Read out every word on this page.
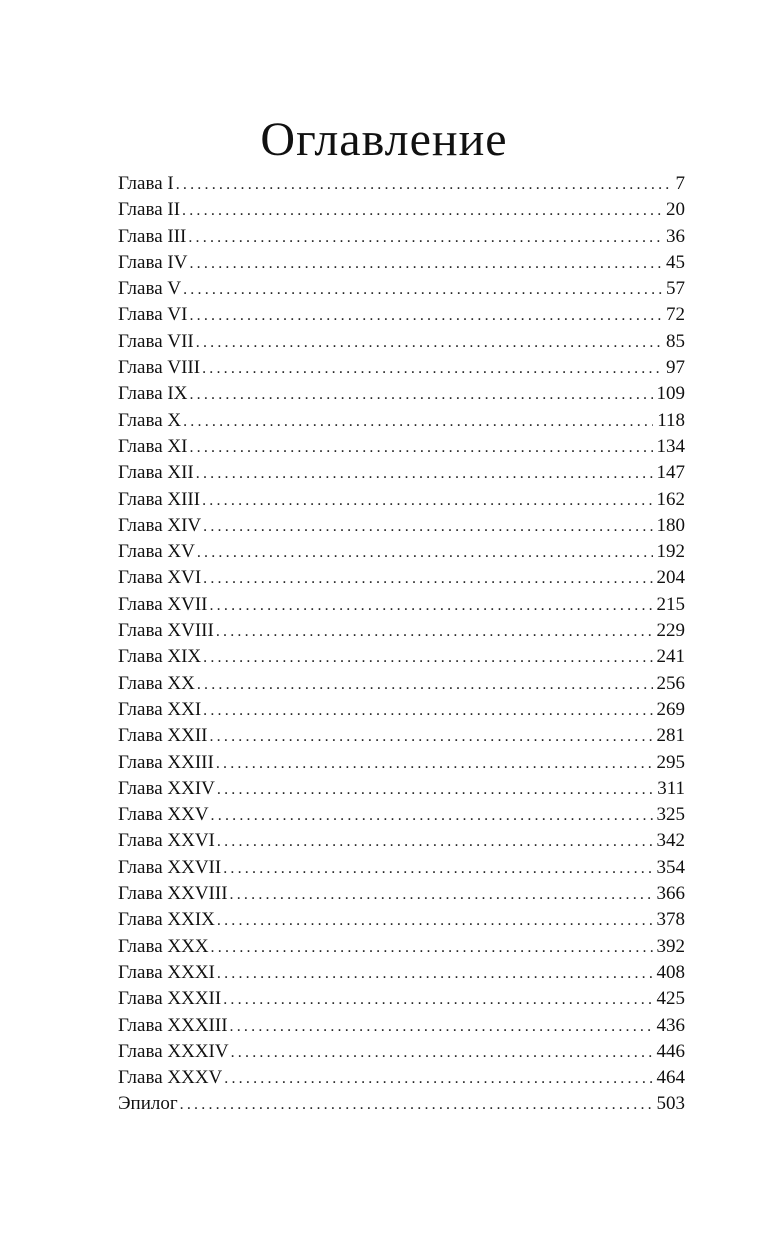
Оглавление
Глава I .....	7
Глава II .....	20
Глава III .....	36
Глава IV .....	45
Глава V .....	57
Глава VI .....	72
Глава VII .....	85
Глава VIII .....	97
Глава IX .....	109
Глава X .....	118
Глава XI .....	134
Глава XII .....	147
Глава XIII .....	162
Глава XIV .....	180
Глава XV .....	192
Глава XVI .....	204
Глава XVII .....	215
Глава XVIII .....	229
Глава XIX .....	241
Глава XX .....	256
Глава XXI .....	269
Глава XXII .....	281
Глава XXIII .....	295
Глава XXIV .....	311
Глава XXV .....	325
Глава XXVI .....	342
Глава XXVII .....	354
Глава XXVIII .....	366
Глава XXIX .....	378
Глава XXX .....	392
Глава XXXI .....	408
Глава XXXII .....	425
Глава XXXIII .....	436
Глава XXXIV .....	446
Глава XXXV .....	464
Эпилог .....	503
